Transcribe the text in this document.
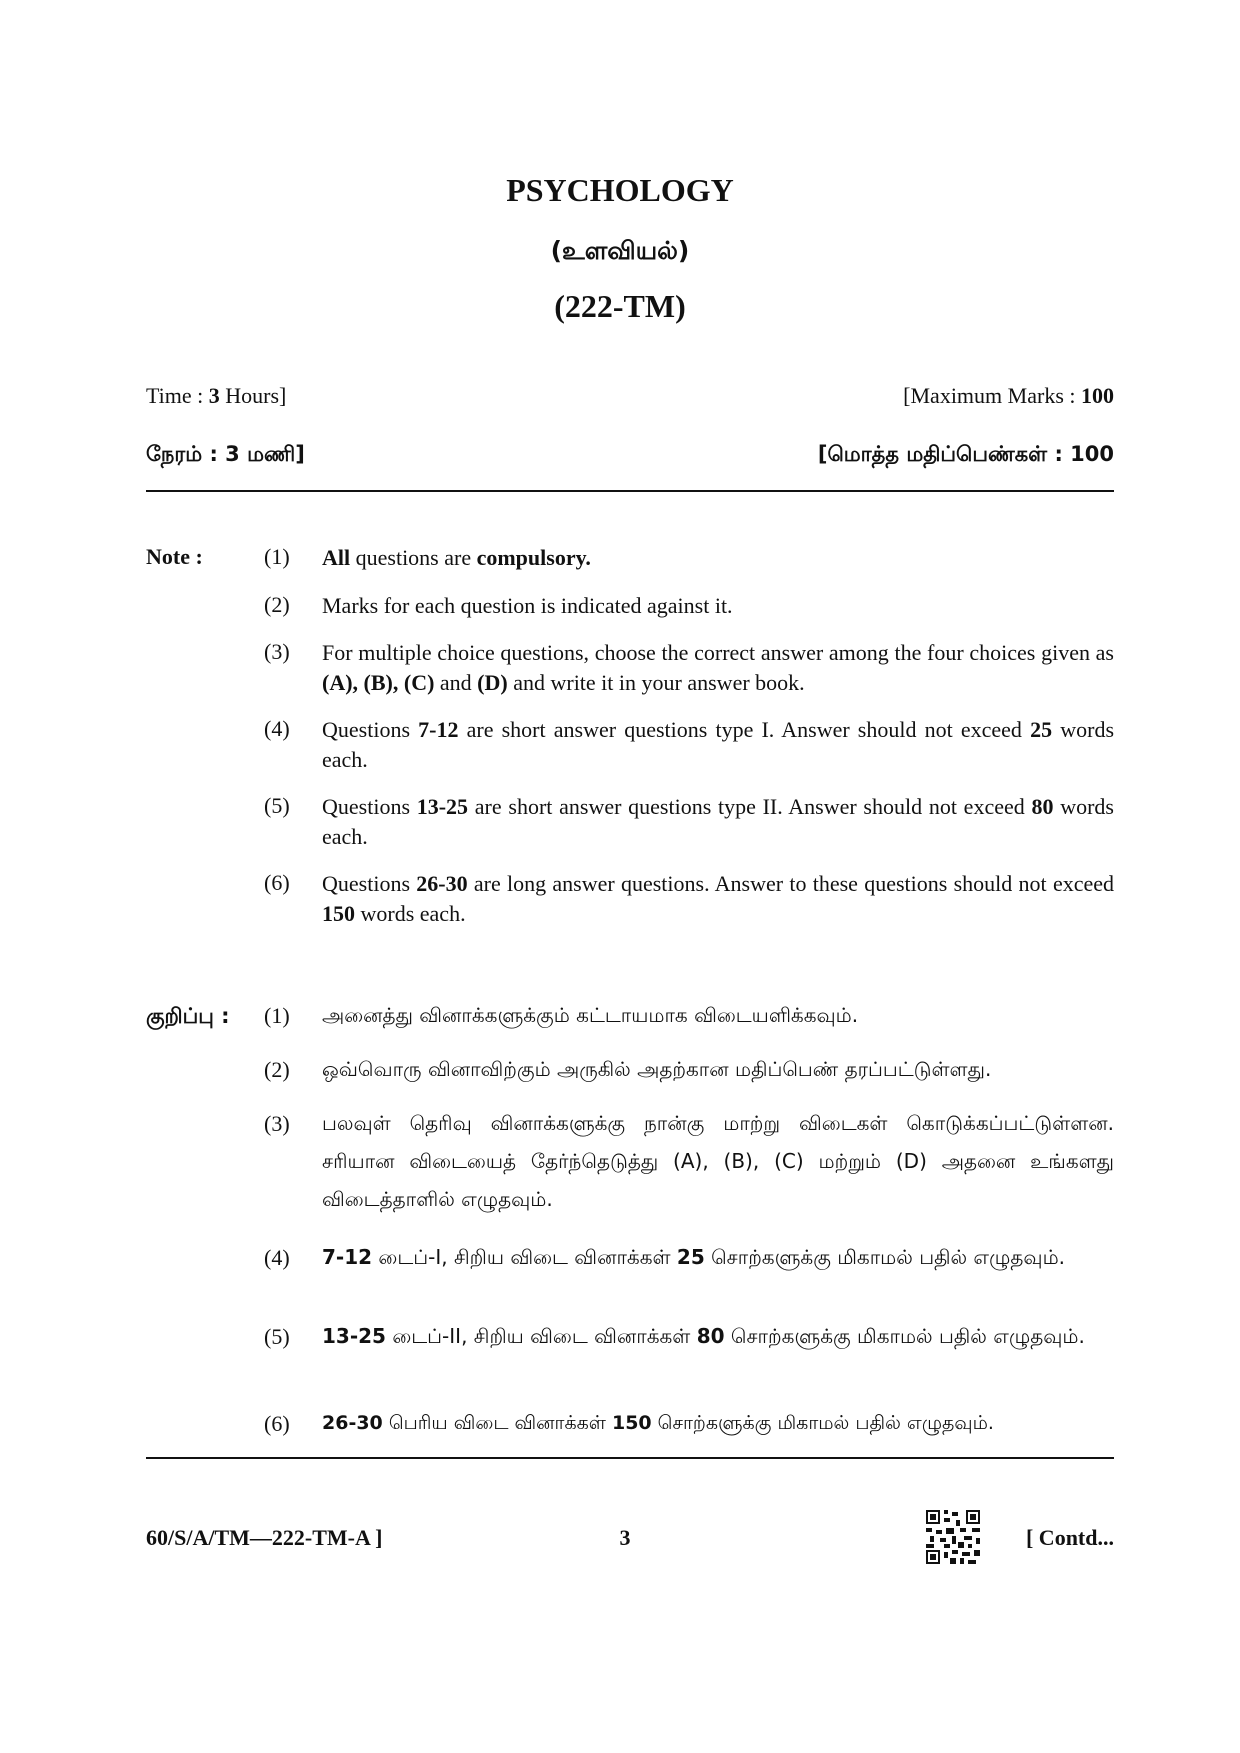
PSYCHOLOGY
(உளவியல்)
(222-TM)
Time : 3 Hours]	[Maximum Marks : 100
நேரம் : 3 மணி]	[மொத்த மதிப்பெண்கள் : 100
Note :	(1) All questions are compulsory.
(2) Marks for each question is indicated against it.
(3) For multiple choice questions, choose the correct answer among the four choices given as (A), (B), (C) and (D) and write it in your answer book.
(4) Questions 7-12 are short answer questions type I. Answer should not exceed 25 words each.
(5) Questions 13-25 are short answer questions type II. Answer should not exceed 80 words each.
(6) Questions 26-30 are long answer questions. Answer to these questions should not exceed 150 words each.
குறிப்பு : (1) அனைத்து வினாக்களுக்கும் கட்டாயமாக விடையளிக்கவும்.
(2) ஒவ்வொரு வினாவிற்கும் அருகில் அதற்கான மதிப்பெண் தரப்பட்டுள்ளது.
(3) பலவுள் தெரிவு வினாக்களுக்கு நான்கு மாற்று விடைகள் கொடுக்கப்பட்டுள்ளன. சரியான விடையைத் தேர்ந்தெடுத்து (A), (B), (C) மற்றும் (D) அதனை உங்களது விடைத்தாளில் எழுதவும்.
(4) 7-12 டைப்-I, சிறிய விடை வினாக்கள் 25 சொற்களுக்கு மிகாமல் பதில் எழுதவும்.
(5) 13-25 டைப்-II, சிறிய விடை வினாக்கள் 80 சொற்களுக்கு மிகாமல் பதில் எழுதவும்.
(6) 26-30 பெரிய விடை வினாக்கள் 150 சொற்களுக்கு மிகாமல் பதில் எழுதவும்.
60/S/A/TM—222-TM-A ]	3	[ Contd...
